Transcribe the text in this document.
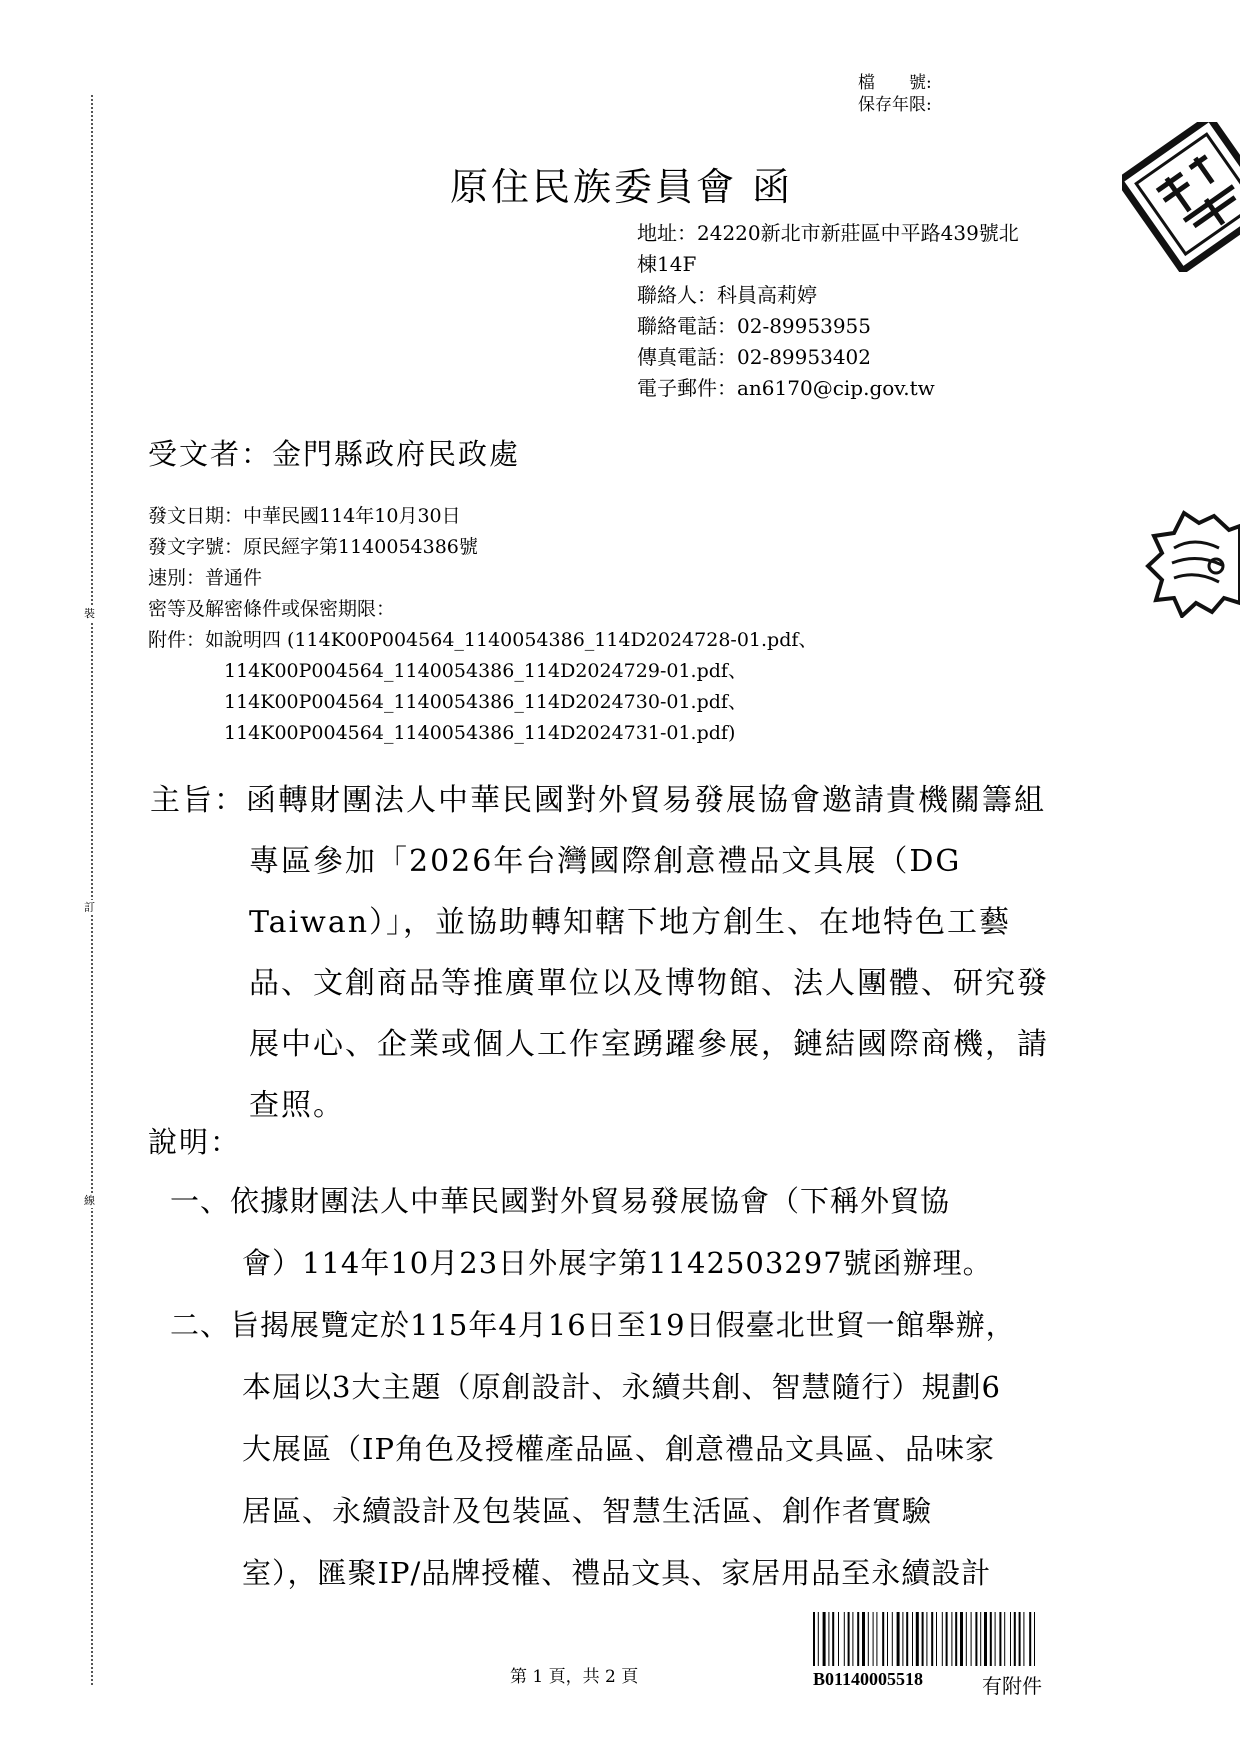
裝
訂
線
檔　　號:
保存年限:
原住民族委員會 函
地址：24220新北市新莊區中平路439號北
棟14F
聯絡人：科員高莉婷
聯絡電話：02-89953955
傳真電話：02-89953402
電子郵件：an6170@cip.gov.tw
受文者：金門縣政府民政處
發文日期：中華民國114年10月30日
發文字號：原民經字第1140054386號
速別：普通件
密等及解密條件或保密期限：
附件：如說明四 (114K00P004564_1140054386_114D2024728-01.pdf、
114K00P004564_1140054386_114D2024729-01.pdf、
114K00P004564_1140054386_114D2024730-01.pdf、
114K00P004564_1140054386_114D2024731-01.pdf)
主旨：函轉財團法人中華民國對外貿易發展協會邀請貴機關籌組
專區參加「2026年台灣國際創意禮品文具展（DG
Taiwan）」，並協助轉知轄下地方創生、在地特色工藝
品、文創商品等推廣單位以及博物館、法人團體、研究發
展中心、企業或個人工作室踴躍參展，鏈結國際商機，請
查照。
說明：
一、依據財團法人中華民國對外貿易發展協會（下稱外貿協
會）114年10月23日外展字第1142503297號函辦理。
二、旨揭展覽定於115年4月16日至19日假臺北世貿一館舉辦，
本屆以3大主題（原創設計、永續共創、智慧隨行）規劃6
大展區（IP角色及授權產品區、創意禮品文具區、品味家
居區、永續設計及包裝區、智慧生活區、創作者實驗
室），匯聚IP/品牌授權、禮品文具、家居用品至永續設計
第 1 頁，共 2 頁	B01140005518	有附件
